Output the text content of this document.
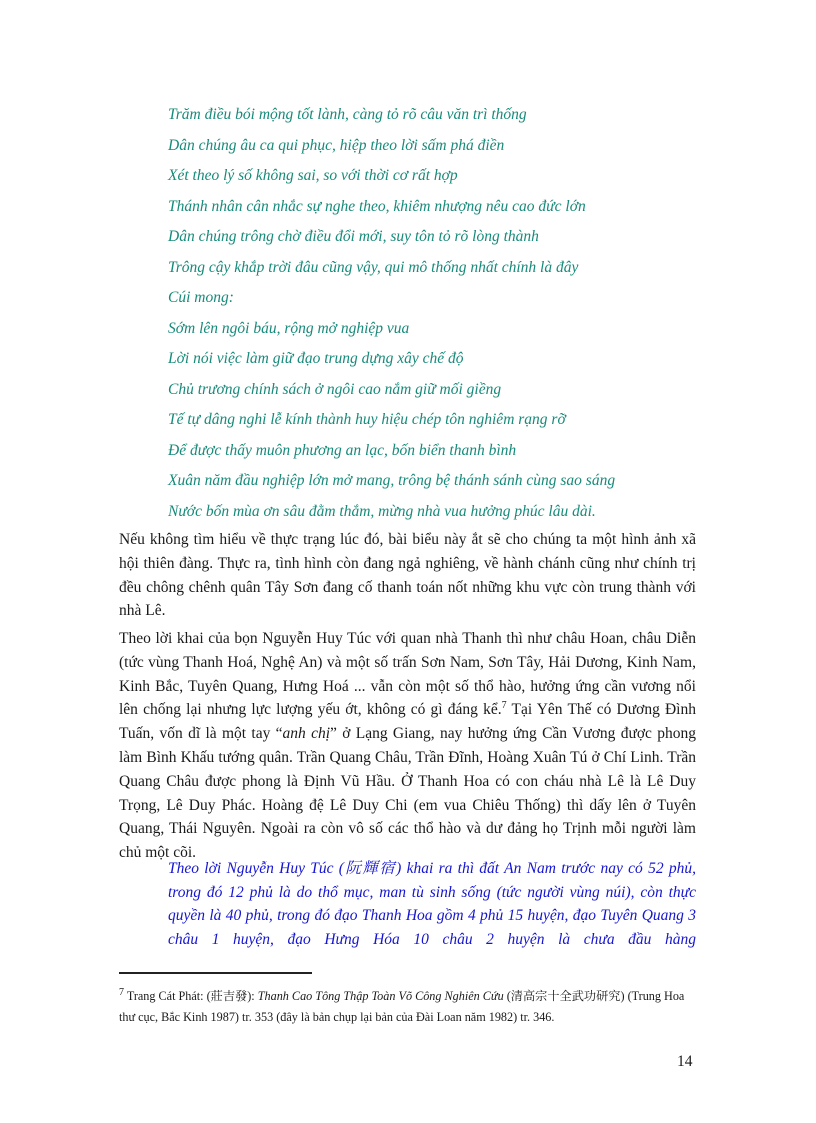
Trăm điều bói mộng tốt lành, càng tỏ rõ câu văn trì thống
Dân chúng âu ca qui phục, hiệp theo lời sấm phá điền
Xét theo lý số không sai, so với thời cơ rất hợp
Thánh nhân cân nhắc sự nghe theo, khiêm nhượng nêu cao đức lớn
Dân chúng trông chờ điều đổi mới, suy tôn tỏ rõ lòng thành
Trông cậy khắp trời đâu cũng vậy, qui mô thống nhất chính là đây
Cúi mong:
Sớm lên ngôi báu, rộng mở nghiệp vua
Lời nói việc làm giữ đạo trung dựng xây chế độ
Chủ trương chính sách ở ngôi cao nắm giữ mối giềng
Tế tự dâng nghi lễ kính thành huy hiệu chép tôn nghiêm rạng rỡ
Để được thấy muôn phương an lạc, bốn biển thanh bình
Xuân năm đầu nghiệp lớn mở mang, trông bệ thánh sánh cùng sao sáng
Nước bốn mùa ơn sâu đằm thắm, mừng nhà vua hưởng phúc lâu dài.
Nếu không tìm hiểu về thực trạng lúc đó, bài biểu này ắt sẽ cho chúng ta một hình ảnh xã hội thiên đàng. Thực ra, tình hình còn đang ngả nghiêng, về hành chánh cũng như chính trị đều chông chênh quân Tây Sơn đang cố thanh toán nốt những khu vực còn trung thành với nhà Lê.
Theo lời khai của bọn Nguyễn Huy Túc với quan nhà Thanh thì như châu Hoan, châu Diễn (tức vùng Thanh Hoá, Nghệ An) và một số trấn Sơn Nam, Sơn Tây, Hải Dương, Kinh Nam, Kinh Bắc, Tuyên Quang, Hưng Hoá ... vẫn còn một số thổ hào, hưởng ứng cần vương nổi lên chống lại nhưng lực lượng yếu ớt, không có gì đáng kể.$^7$ Tại Yên Thế có Dương Đình Tuấn, vốn dĩ là một tay “anh chị” ở Lạng Giang, nay hưởng ứng Cần Vương được phong làm Bình Khấu tướng quân. Trần Quang Châu, Trần Đĩnh, Hoàng Xuân Tú ở Chí Linh. Trần Quang Châu được phong là Định Vũ Hầu. Ở Thanh Hoa có con cháu nhà Lê là Lê Duy Trọng, Lê Duy Phác. Hoàng đệ Lê Duy Chi (em vua Chiêu Thống) thì dấy lên ở Tuyên Quang, Thái Nguyên. Ngoài ra còn vô số các thổ hào và dư đảng họ Trịnh mỗi người làm chủ một cõi.
Theo lời Nguyễn Huy Túc (阮輝宿) khai ra thì đất An Nam trước nay có 52 phủ, trong đó 12 phủ là do thổ mục, man tù sinh sống (tức người vùng núi), còn thực quyền là 40 phủ, trong đó đạo Thanh Hoa gồm 4 phủ 15 huyện, đạo Tuyên Quang 3 châu 1 huyện, đạo Hưng Hóa 10 châu 2 huyện là chưa đầu hàng
$^7$ Trang Cát Phát: (莊吉發): Thanh Cao Tông Thập Toàn Võ Công Nghiên Cứu (清高宗十全武功研究) (Trung Hoa thư cục, Bắc Kinh 1987) tr. 353 (đây là bản chụp lại bản của Đài Loan năm 1982) tr. 346.
14
